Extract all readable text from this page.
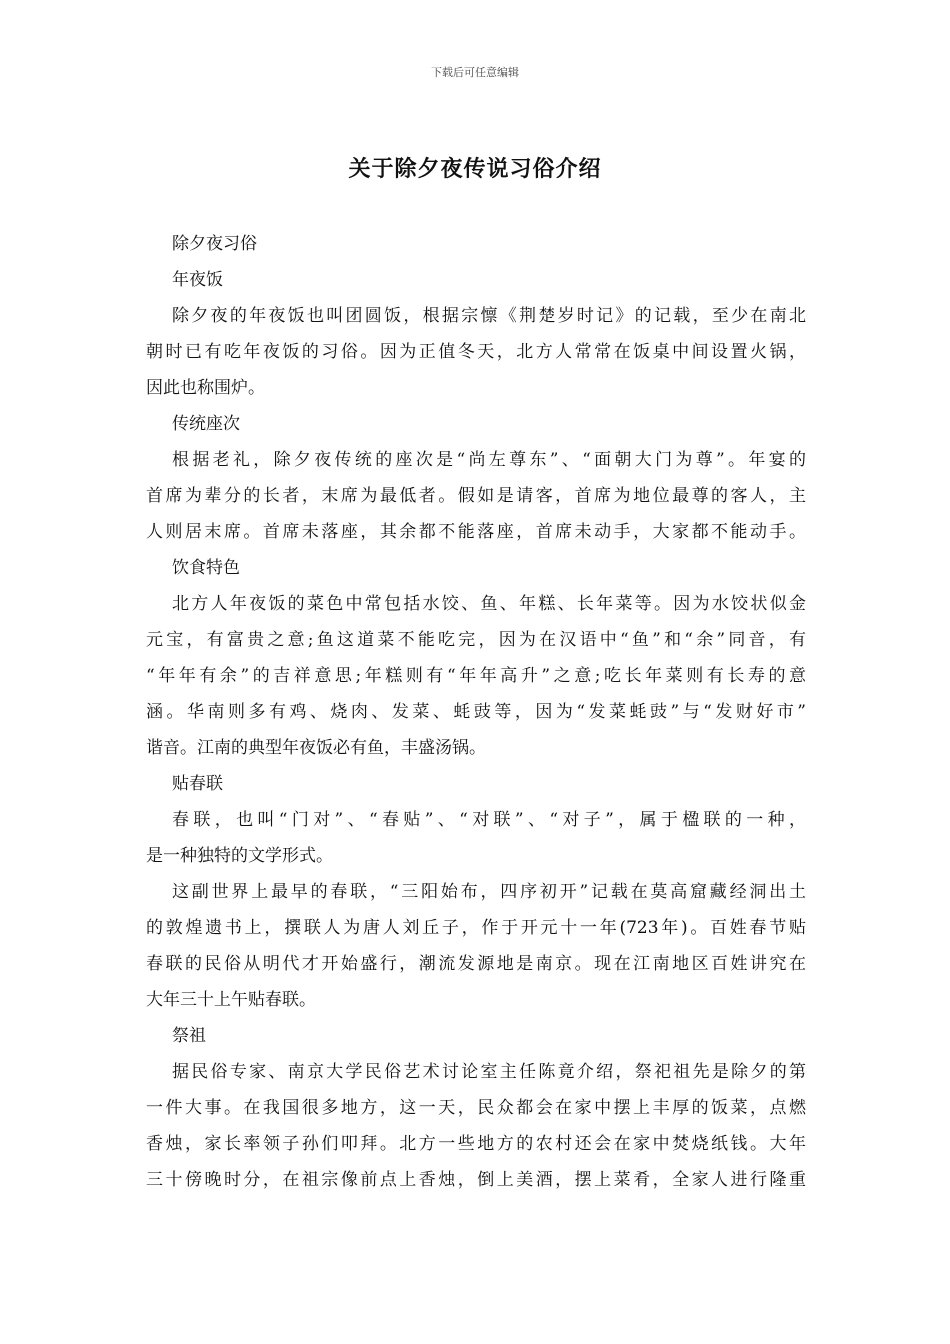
下载后可任意编辑
关于除夕夜传说习俗介绍
除夕夜习俗
年夜饭
除夕夜的年夜饭也叫团圆饭，根据宗懔《荆楚岁时记》的记载，至少在南北
朝时已有吃年夜饭的习俗。因为正值冬天，北方人常常在饭桌中间设置火锅，
因此也称围炉。
传统座次
根据老礼，除夕夜传统的座次是“尚左尊东”、“面朝大门为尊”。年宴的
首席为辈分的长者，末席为最低者。假如是请客，首席为地位最尊的客人，主
人则居末席。首席未落座，其余都不能落座，首席未动手，大家都不能动手。
饮食特色
北方人年夜饭的菜色中常包括水饺、鱼、年糕、长年菜等。因为水饺状似金
元宝，有富贵之意;鱼这道菜不能吃完，因为在汉语中“鱼”和“余”同音，有
“年年有余”的吉祥意思;年糕则有“年年高升”之意;吃长年菜则有长寿的意
涵。华南则多有鸡、烧肉、发菜、蚝豉等，因为“发菜蚝豉”与“发财好市”
谐音。江南的典型年夜饭必有鱼，丰盛汤锅。
贴春联
春联，也叫“门对”、“春贴”、“对联”、“对子”，属于楹联的一种，
是一种独特的文学形式。
这副世界上最早的春联，“三阳始布，四序初开”记载在莫高窟藏经洞出土
的敦煌遗书上，撰联人为唐人刘丘子，作于开元十一年(723年)。百姓春节贴
春联的民俗从明代才开始盛行，潮流发源地是南京。现在江南地区百姓讲究在
大年三十上午贴春联。
祭祖
据民俗专家、南京大学民俗艺术讨论室主任陈竟介绍，祭祀祖先是除夕的第
一件大事。在我国很多地方，这一天，民众都会在家中摆上丰厚的饭菜，点燃
香烛，家长率领子孙们叩拜。北方一些地方的农村还会在家中焚烧纸钱。大年
三十傍晚时分，在祖宗像前点上香烛，倒上美酒，摆上菜肴，全家人进行隆重
